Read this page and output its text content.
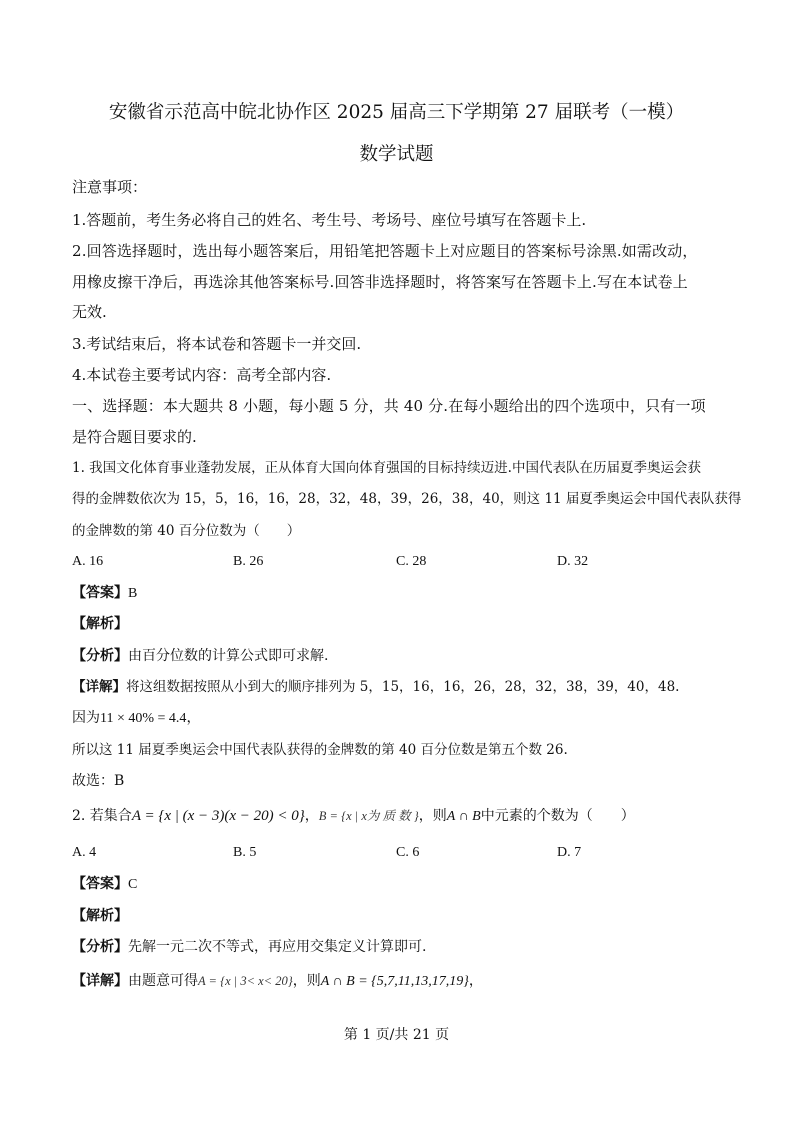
安徽省示范高中皖北协作区 2025 届高三下学期第 27 届联考（一模）
数学试题
注意事项：
1.答题前，考生务必将自己的姓名、考生号、考场号、座位号填写在答题卡上.
2.回答选择题时，选出每小题答案后，用铅笔把答题卡上对应题目的答案标号涂黑.如需改动，
用橡皮擦干净后，再选涂其他答案标号.回答非选择题时，将答案写在答题卡上.写在本试卷上
无效.
3.考试结束后，将本试卷和答题卡一并交回.
4.本试卷主要考试内容：高考全部内容.
一、选择题：本大题共 8 小题，每小题 5 分，共 40 分.在每小题给出的四个选项中，只有一项
是符合题目要求的.
1. 我国文化体育事业蓬勃发展，正从体育大国向体育强国的目标持续迈进.中国代表队在历届夏季奥运会获
得的金牌数依次为 15，5，16，16，28，32，48，39，26，38，40，则这 11 届夏季奥运会中国代表队获得
的金牌数的第 40 百分位数为（　　）
A. 16	B. 26	C. 28	D. 32
【答案】B
【解析】
【分析】由百分位数的计算公式即可求解.
【详解】将这组数据按照从小到大的顺序排列为 5，15，16，16，26，28，32，38，39，40，48.
因为11 × 40% = 4.4，
所以这 11 届夏季奥运会中国代表队获得的金牌数的第 40 百分位数是第五个数 26.
故选：B
2. 若集合A = {x | (x − 3)(x − 20) < 0}，B = {x | x为 质 数 }，则A ∩ B中元素的个数为（　　）
A. 4	B. 5	C. 6	D. 7
【答案】C
【解析】
【分析】先解一元二次不等式，再应用交集定义计算即可.
【详解】由题意可得A = {x | 3< x< 20}，则A ∩ B = {5,7,11,13,17,19}，
第 1 页/共 21 页
